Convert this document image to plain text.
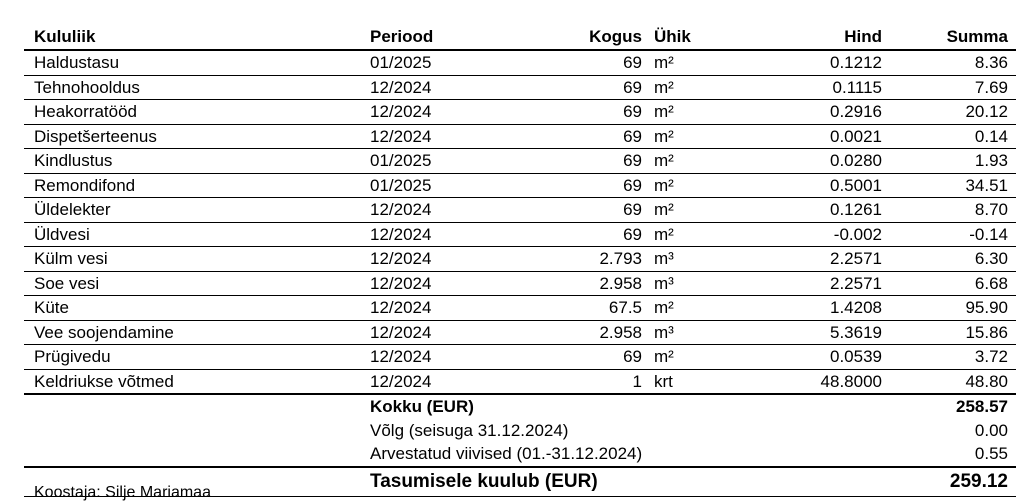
Kululiik	Periood	Kogus	Ühik	Hind	Summa
Haldustasu	01/2025	69	m²	0.1212	8.36
Tehnohooldus	12/2024	69	m²	0.1115	7.69
Heakorratööd	12/2024	69	m²	0.2916	20.12
Dispetšerteenus	12/2024	69	m²	0.0021	0.14
Kindlustus	01/2025	69	m²	0.0280	1.93
Remondifond	01/2025	69	m²	0.5001	34.51
Üldelekter	12/2024	69	m²	0.1261	8.70
Üldvesi	12/2024	69	m²	-0.002	-0.14
Külm vesi	12/2024	2.793	m³	2.2571	6.30
Soe vesi	12/2024	2.958	m³	2.2571	6.68
Küte	12/2024	67.5	m²	1.4208	95.90
Vee soojendamine	12/2024	2.958	m³	5.3619	15.86
Prügivedu	12/2024	69	m²	0.0539	3.72
Keldriukse võtmed	12/2024	1	krt	48.8000	48.80
	Kokku (EUR)				258.57
	Võlg (seisuga 31.12.2024)				0.00
	Arvestatud viivised (01.-31.12.2024)				0.55
	Tasumisele kuulub (EUR)				259.12
Koostaja: Silje Mariamaa
